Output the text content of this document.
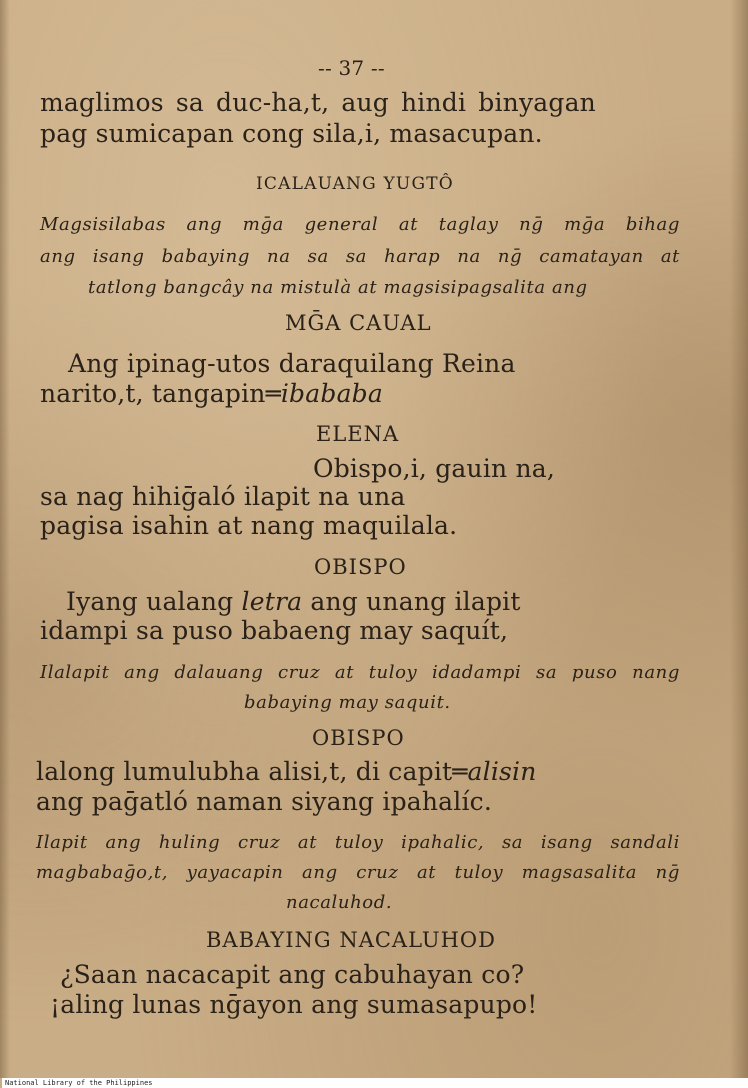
-- 37 --
maglimos sa duc-ha,t, aug hindi binyagan
pag sumicapan cong sila,i, masacupan.
ICALAUANG YUGTÔ
Magsisilabas ang mḡa general at taglay nḡ mḡa bihag
ang isang babaying na sa sa harap na nḡ camatayan at
tatlong bangcây na mistulà at magsisipagsalita ang
MḠA CAUAL
Ang ipinag-utos daraquilang Reina
narito,t, tangapin═ibababa
ELENA
Obispo,i, gauin na,
sa nag hihiḡaló ilapit na una
pagisa isahin at nang maquilala.
OBISPO
Iyang ualang letra ang unang ilapit
idampi sa puso babaeng may saquít,
Ilalapit ang dalauang cruz at tuloy idadampi sa puso nang
babaying may saquit.
OBISPO
lalong lumulubha alisi,t, di capit═alisin
ang paḡatló naman siyang ipahalíc.
Ilapit ang huling cruz at tuloy ipahalic, sa isang sandali
magbabaḡo,t, yayacapin ang cruz at tuloy magsasalita nḡ
nacaluhod.
BABAYING NACALUHOD
¿Saan nacacapit ang cabuhayan co?
¡aling lunas nḡayon ang sumasapupo!
National Library of the Philippines
